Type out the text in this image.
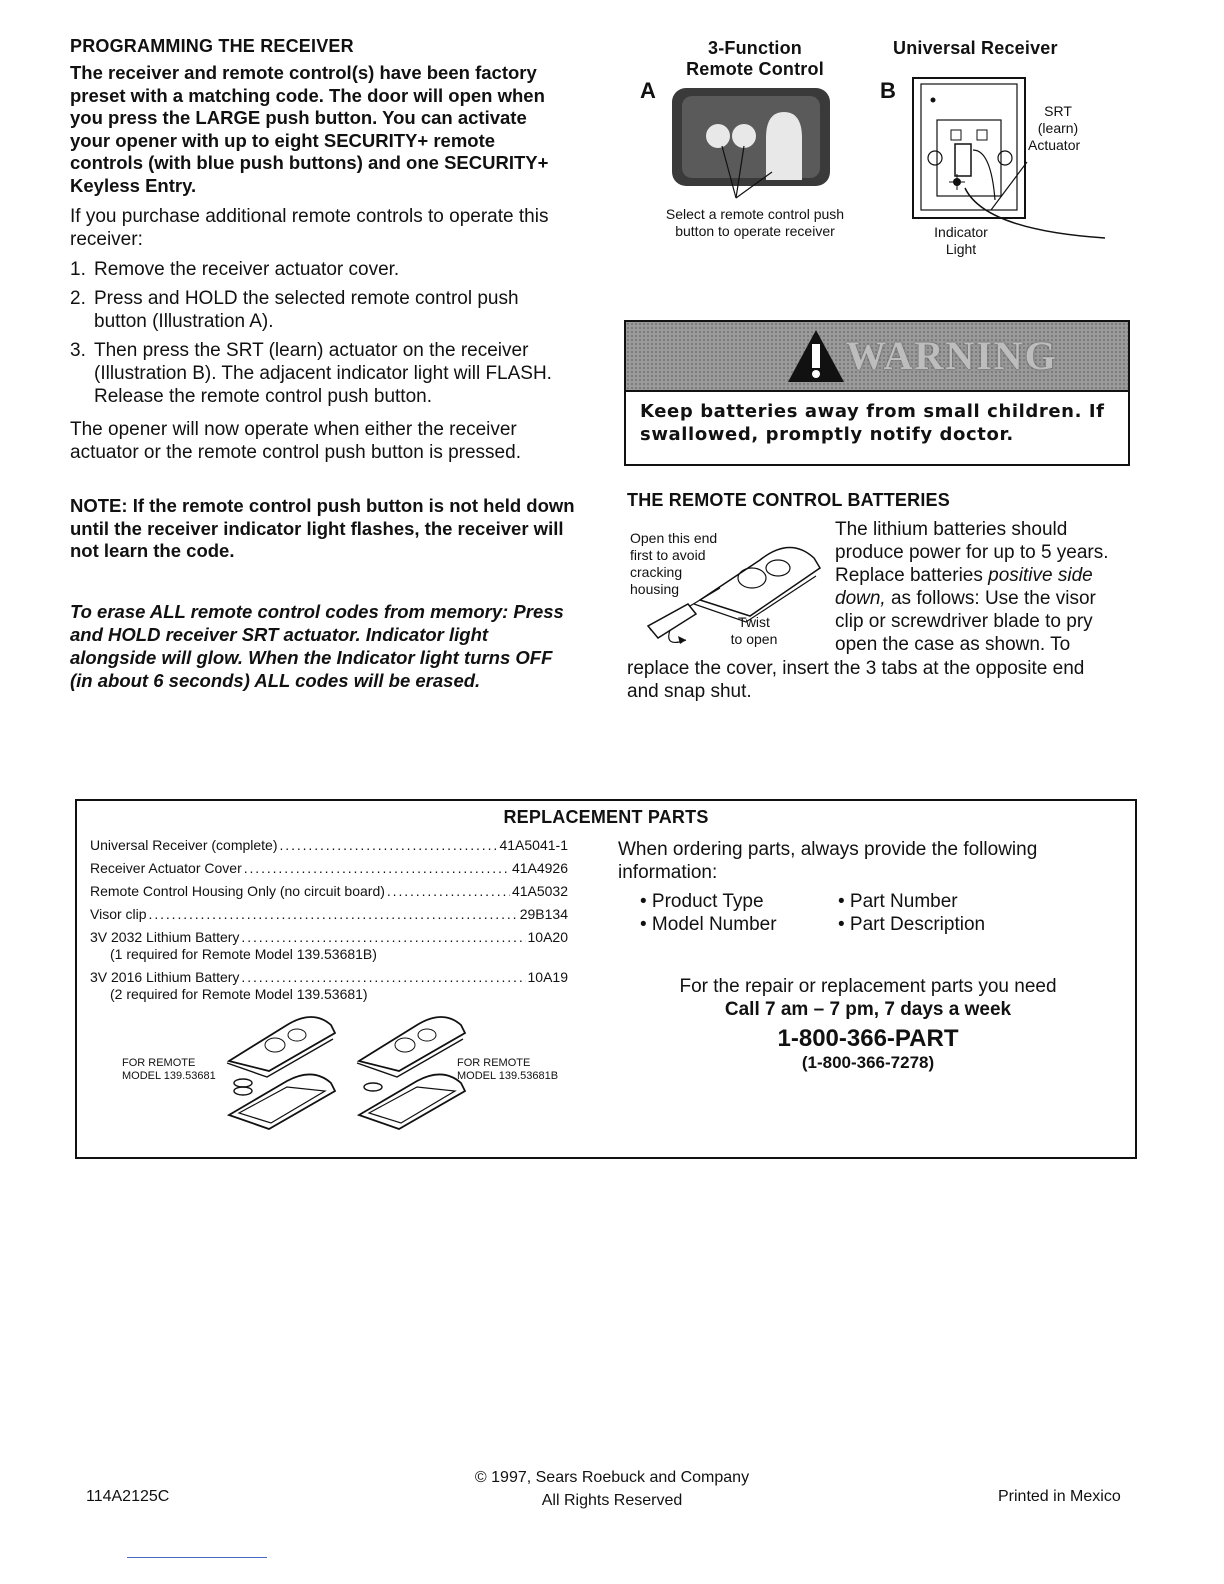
PROGRAMMING THE RECEIVER
The receiver and remote control(s) have been factory preset with a matching code. The door will open when you press the LARGE push button. You can activate your opener with up to eight SECURITY+ remote controls (with blue push buttons) and one SECURITY+ Keyless Entry.
If you purchase additional remote controls to operate this receiver:
1. Remove the receiver actuator cover.
2. Press and HOLD the selected remote control push button (Illustration A).
3. Then press the SRT (learn) actuator on the receiver (Illustration B). The adjacent indicator light will FLASH. Release the remote control push button.
The opener will now operate when either the receiver actuator or the remote control push button is pressed.
NOTE: If the remote control push button is not held down until the receiver indicator light flashes, the receiver will not learn the code.
To erase ALL remote control codes from memory: Press and HOLD receiver SRT actuator. Indicator light alongside will glow. When the Indicator light turns OFF (in about 6 seconds) ALL codes will be erased.
3-Function
Remote Control
A
Select a remote control push
button to operate receiver
Universal Receiver
B
SRT
(learn)
Actuator
Indicator
Light
WARNING
Keep batteries away from small children. If swallowed, promptly notify doctor.
THE REMOTE CONTROL BATTERIES
Open this end
first to avoid
cracking
housing
Twist
to open
The lithium batteries should
produce power for up to 5 years.
Replace batteries positive side
down, as follows: Use the visor
clip or screwdriver blade to pry
open the case as shown. To
replace the cover, insert the 3 tabs at the opposite end
and snap shut.
REPLACEMENT PARTS
Universal Receiver (complete) . . .	41A5041-1
Receiver Actuator Cover . . .	41A4926
Remote Control Housing Only (no circuit board) . . .	41A5032
Visor clip . . .	29B134
3V 2032 Lithium Battery . . .	10A20
(1 required for Remote Model 139.53681B)
3V 2016 Lithium Battery . . .	10A19
(2 required for Remote Model 139.53681)
FOR REMOTE
MODEL 139.53681
FOR REMOTE
MODEL 139.53681B
When ordering parts, always provide the following information:
• Product Type
• Model Number
• Part Number
• Part Description
For the repair or replacement parts you need
Call 7 am – 7 pm, 7 days a week
1-800-366-PART
(1-800-366-7278)
114A2125C
© 1997, Sears Roebuck and Company
All Rights Reserved	Printed in Mexico
